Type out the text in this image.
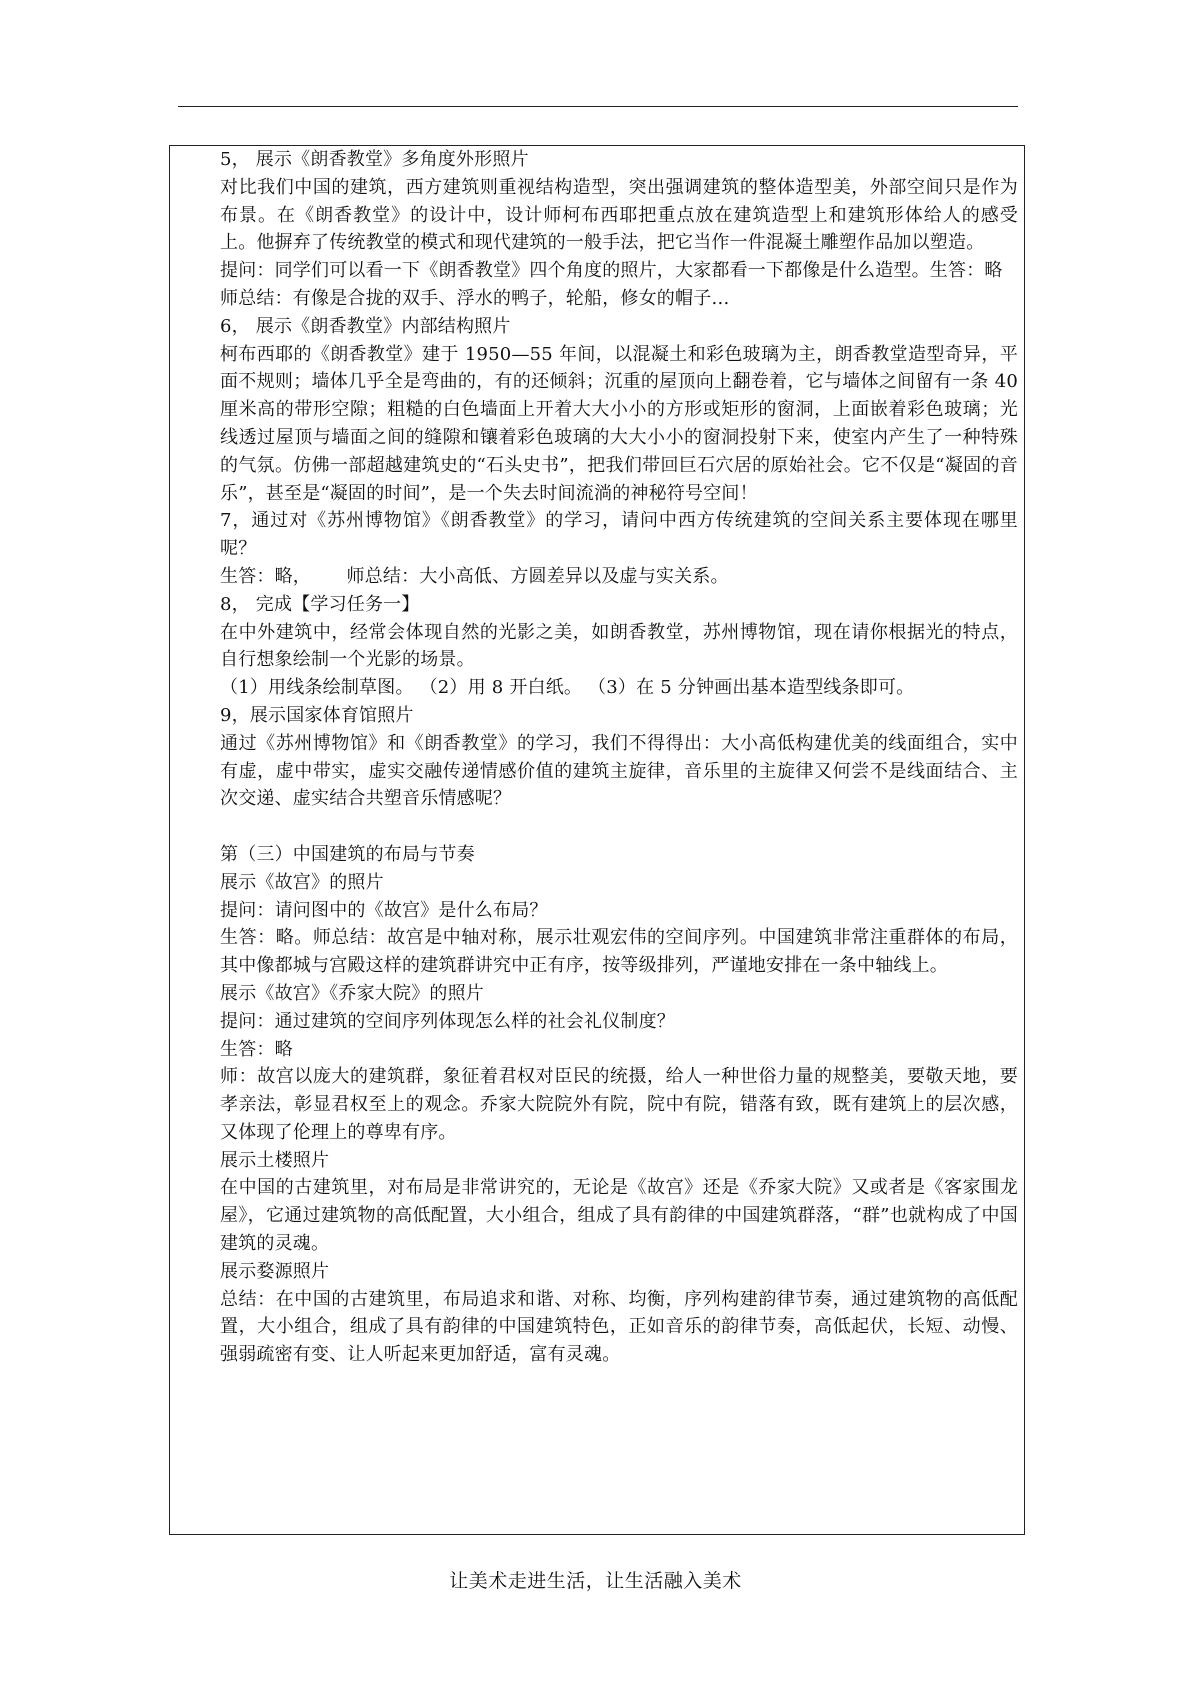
5， 展示《朗香教堂》多角度外形照片

对比我们中国的建筑，西方建筑则重视结构造型，突出强调建筑的整体造型美，外部空间只是作为布景。在《朗香教堂》的设计中，设计师柯布西耶把重点放在建筑造型上和建筑形体给人的感受上。他摒弃了传统教堂的模式和现代建筑的一般手法，把它当作一件混凝土雕塑作品加以塑造。

提问：同学们可以看一下《朗香教堂》四个角度的照片，大家都看一下都像是什么造型。生答：略

师总结：有像是合拢的双手、浮水的鸭子，轮船，修女的帽子…

6， 展示《朗香教堂》内部结构照片

柯布西耶的《朗香教堂》建于 1950—55 年间，以混凝土和彩色玻璃为主，朗香教堂造型奇异，平面不规则；墙体几乎全是弯曲的，有的还倾斜；沉重的屋顶向上翻卷着，它与墙体之间留有一条 40 厘米高的带形空隙；粗糙的白色墙面上开着大大小小的方形或矩形的窗洞，上面嵌着彩色玻璃；光线透过屋顶与墙面之间的缝隙和镶着彩色玻璃的大大小小的窗洞投射下来，使室内产生了一种特殊的气氛。仿佛一部超越建筑史的“石头史书”，把我们带回巨石穴居的原始社会。它不仅是“凝固的音乐”，甚至是“凝固的时间”，是一个失去时间流淌的神秘符号空间！

7，通过对《苏州博物馆》《朗香教堂》的学习，请问中西方传统建筑的空间关系主要体现在哪里呢？

生答：略，      师总结：大小高低、方圆差异以及虚与实关系。

8， 完成【学习任务一】

在中外建筑中，经常会体现自然的光影之美，如朗香教堂，苏州博物馆，现在请你根据光的特点，自行想象绘制一个光影的场景。

（1）用线条绘制草图。 （2）用 8 开白纸。 （3）在 5 分钟画出基本造型线条即可。

9，展示国家体育馆照片

通过《苏州博物馆》和《朗香教堂》的学习，我们不得得出：大小高低构建优美的线面组合，实中有虚，虚中带实，虚实交融传递情感价值的建筑主旋律，音乐里的主旋律又何尝不是线面结合、主次交递、虚实结合共塑音乐情感呢？

第（三）中国建筑的布局与节奏

展示《故宫》的照片

提问：请问图中的《故宫》是什么布局？

生答：略。师总结：故宫是中轴对称，展示壮观宏伟的空间序列。中国建筑非常注重群体的布局，其中像都城与宫殿这样的建筑群讲究中正有序，按等级排列，严谨地安排在一条中轴线上。

展示《故宫》《乔家大院》的照片

提问：通过建筑的空间序列体现怎么样的社会礼仪制度？

生答：略

师：故宫以庞大的建筑群，象征着君权对臣民的统摄，给人一种世俗力量的规整美，要敬天地，要孝亲法，彰显君权至上的观念。乔家大院院外有院，院中有院，错落有致，既有建筑上的层次感，又体现了伦理上的尊卑有序。

展示土楼照片

在中国的古建筑里，对布局是非常讲究的，无论是《故宫》还是《乔家大院》又或者是《客家围龙屋》，它通过建筑物的高低配置，大小组合，组成了具有韵律的中国建筑群落，“群”也就构成了中国建筑的灵魂。

展示婺源照片

总结：在中国的古建筑里，布局追求和谐、对称、均衡，序列构建韵律节奏，通过建筑物的高低配置，大小组合，组成了具有韵律的中国建筑特色，正如音乐的韵律节奏，高低起伏，长短、动慢、强弱疏密有变、让人听起来更加舒适，富有灵魂。

让美术走进生活，让生活融入美术
